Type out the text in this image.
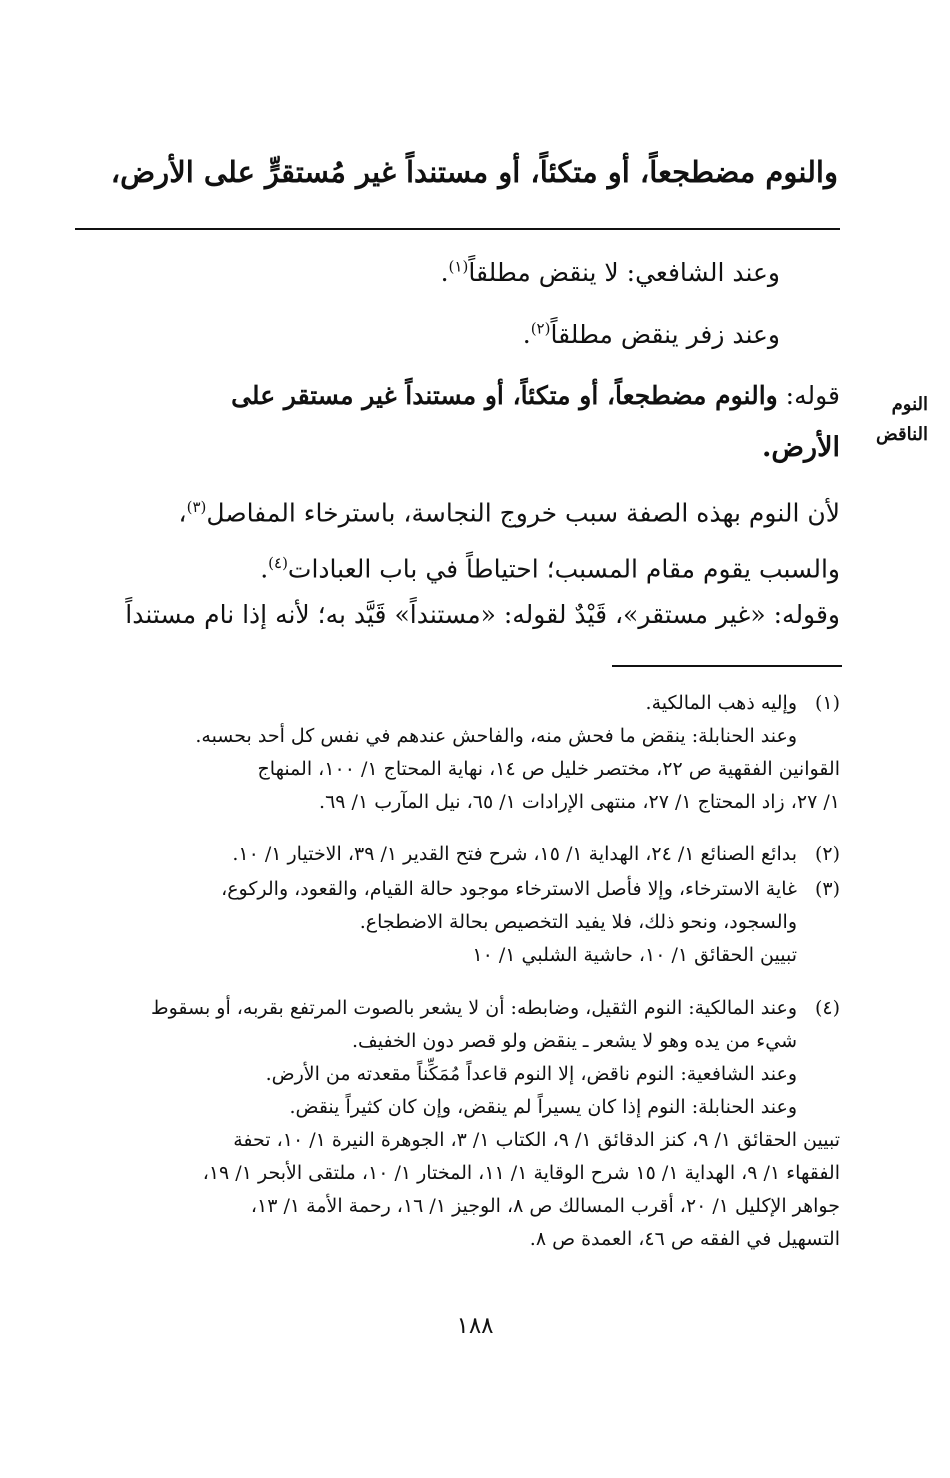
والنوم مضطجعاً، أو متكئاً، أو مستنداً غير مُستقرٍّ على الأرض،
وعند الشافعي: لا ينقض مطلقاً$^{(١)}$.
وعند زفر ينقض مطلقاً$^{(٢)}$.
قوله: والنوم مضطجعاً، أو متكئاً، أو مستنداً غير مستقر على
الأرض.
النوم
الناقض
لأن النوم بهذه الصفة سبب خروج النجاسة، باسترخاء المفاصل$^{(٣)}$،
والسبب يقوم مقام المسبب؛ احتياطاً في باب العبادات$^{(٤)}$.
وقوله: «غير مستقر»، قَيْدٌ لقوله: «مستنداً» قَيَّد به؛ لأنه إذا نام مستنداً
(١)
وإليه ذهب المالكية.
وعند الحنابلة: ينقض ما فحش منه، والفاحش عندهم في نفس كل أحد بحسبه.
القوانين الفقهية ص ٢٢، مختصر خليل ص ١٤، نهاية المحتاج ١/ ١٠٠، المنهاج
١/ ٢٧، زاد المحتاج ١/ ٢٧، منتهى الإرادات ١/ ٦٥، نيل المآرب ١/ ٦٩.
(٢)
بدائع الصنائع ١/ ٢٤، الهداية ١/ ١٥، شرح فتح القدير ١/ ٣٩، الاختيار ١/ ١٠.
(٣)
غاية الاسترخاء، وإلا فأصل الاسترخاء موجود حالة القيام، والقعود، والركوع،
والسجود، ونحو ذلك، فلا يفيد التخصيص بحالة الاضطجاع.
تبيين الحقائق ١/ ١٠، حاشية الشلبي ١/ ١٠
(٤)
وعند المالكية: النوم الثقيل، وضابطه: أن لا يشعر بالصوت المرتفع بقربه، أو بسقوط
شيء من يده وهو لا يشعر ـ ينقض ولو قصر دون الخفيف.
وعند الشافعية: النوم ناقض، إلا النوم قاعداً مُمَكِّناً مقعدته من الأرض.
وعند الحنابلة: النوم إذا كان يسيراً لم ينقض، وإن كان كثيراً ينقض.
تبيين الحقائق ١/ ٩، كنز الدقائق ١/ ٩، الكتاب ١/ ٣، الجوهرة النيرة ١/ ١٠، تحفة
الفقهاء ١/ ٩، الهداية ١/ ١٥ شرح الوقاية ١/ ١١، المختار ١/ ١٠، ملتقى الأبحر ١/ ١٩،
جواهر الإكليل ١/ ٢٠، أقرب المسالك ص ٨، الوجيز ١/ ١٦، رحمة الأمة ١/ ١٣،
التسهيل في الفقه ص ٤٦، العمدة ص ٨.
١٨٨
